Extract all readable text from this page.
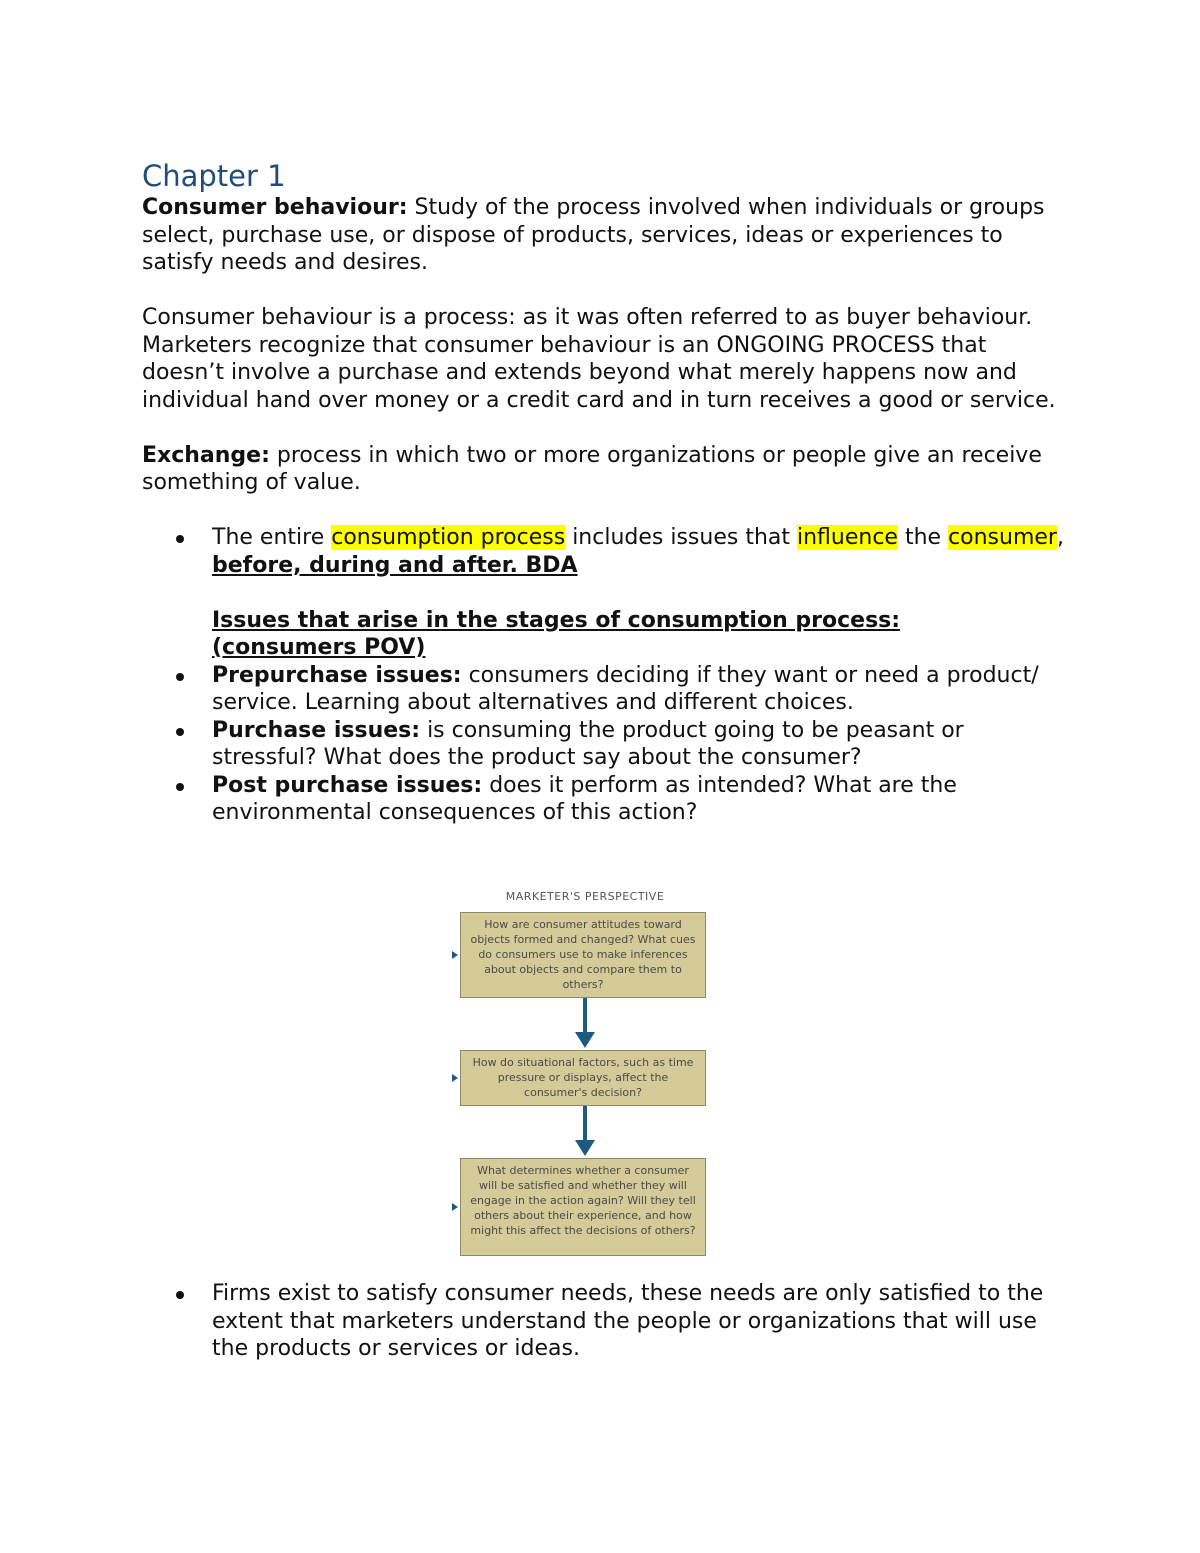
Chapter 1

Consumer behaviour: Study of the process involved when individuals or groups select, purchase use, or dispose of products, services, ideas or experiences to satisfy needs and desires.

Consumer behaviour is a process: as it was often referred to as buyer behaviour. Marketers recognize that consumer behaviour is an ONGOING PROCESS that doesn’t involve a purchase and extends beyond what merely happens now and individual hand over money or a credit card and in turn receives a good or service.

Exchange: process in which two or more organizations or people give an receive something of value.

The entire consumption process includes issues that influence the consumer, before, during and after. BDA
Issues that arise in the stages of consumption process:
(consumers POV)
Prepurchase issues: consumers deciding if they want or need a product/ service. Learning about alternatives and different choices.
Purchase issues: is consuming the product going to be peasant or stressful? What does the product say about the consumer?
Post purchase issues: does it perform as intended? What are the environmental consequences of this action?
MARKETER'S PERSPECTIVE
How are consumer attitudes toward objects formed and changed? What cues do consumers use to make inferences about objects and compare them to others?
How do situational factors, such as time pressure or displays, affect the consumer's decision?
What determines whether a consumer will be satisfied and whether they will engage in the action again? Will they tell others about their experience, and how might this affect the decisions of others?
Firms exist to satisfy consumer needs, these needs are only satisfied to the extent that marketers understand the people or organizations that will use the products or services or ideas.
